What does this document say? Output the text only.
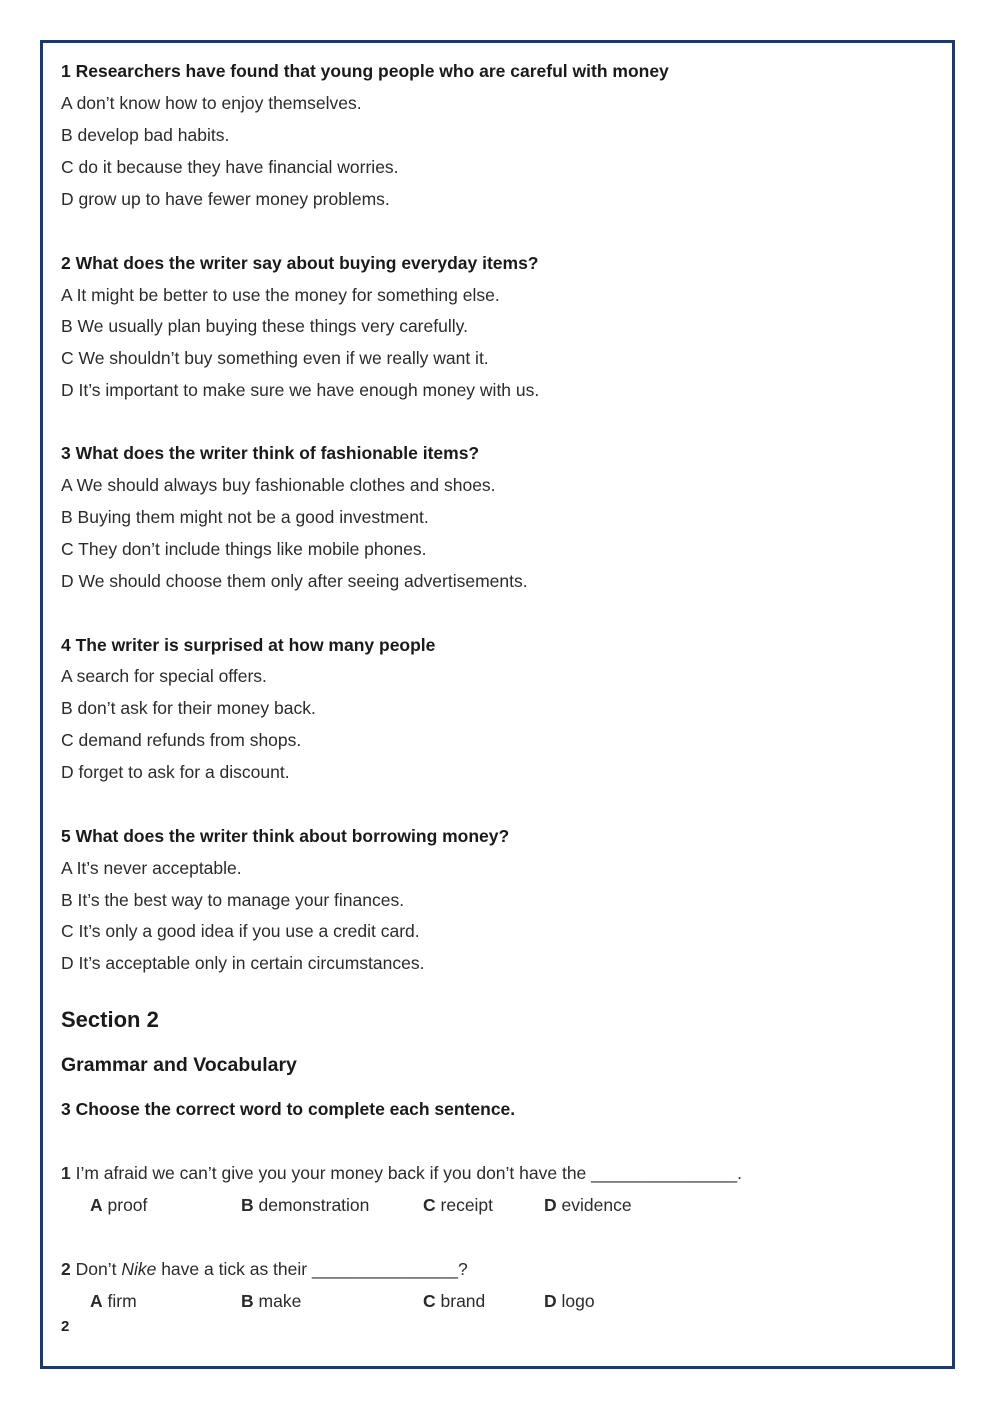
1 Researchers have found that young people who are careful with money
A don’t know how to enjoy themselves.
B develop bad habits.
C do it because they have financial worries.
D grow up to have fewer money problems.
2 What does the writer say about buying everyday items?
A It might be better to use the money for something else.
B We usually plan buying these things very carefully.
C We shouldn’t buy something even if we really want it.
D It’s important to make sure we have enough money with us.
3 What does the writer think of fashionable items?
A We should always buy fashionable clothes and shoes.
B Buying them might not be a good investment.
C They don’t include things like mobile phones.
D We should choose them only after seeing advertisements.
4 The writer is surprised at how many people
A search for special offers.
B don’t ask for their money back.
C demand refunds from shops.
D forget to ask for a discount.
5 What does the writer think about borrowing money?
A It’s never acceptable.
B It’s the best way to manage your finances.
C It’s only a good idea if you use a credit card.
D It’s acceptable only in certain circumstances.
Section 2
Grammar and Vocabulary
3 Choose the correct word to complete each sentence.
1 I’m afraid we can’t give you your money back if you don’t have the _______________.
A proof	B demonstration	C receipt	D evidence
2 Don’t Nike have a tick as their _______________?
A firm	B make	C brand	D logo
2
